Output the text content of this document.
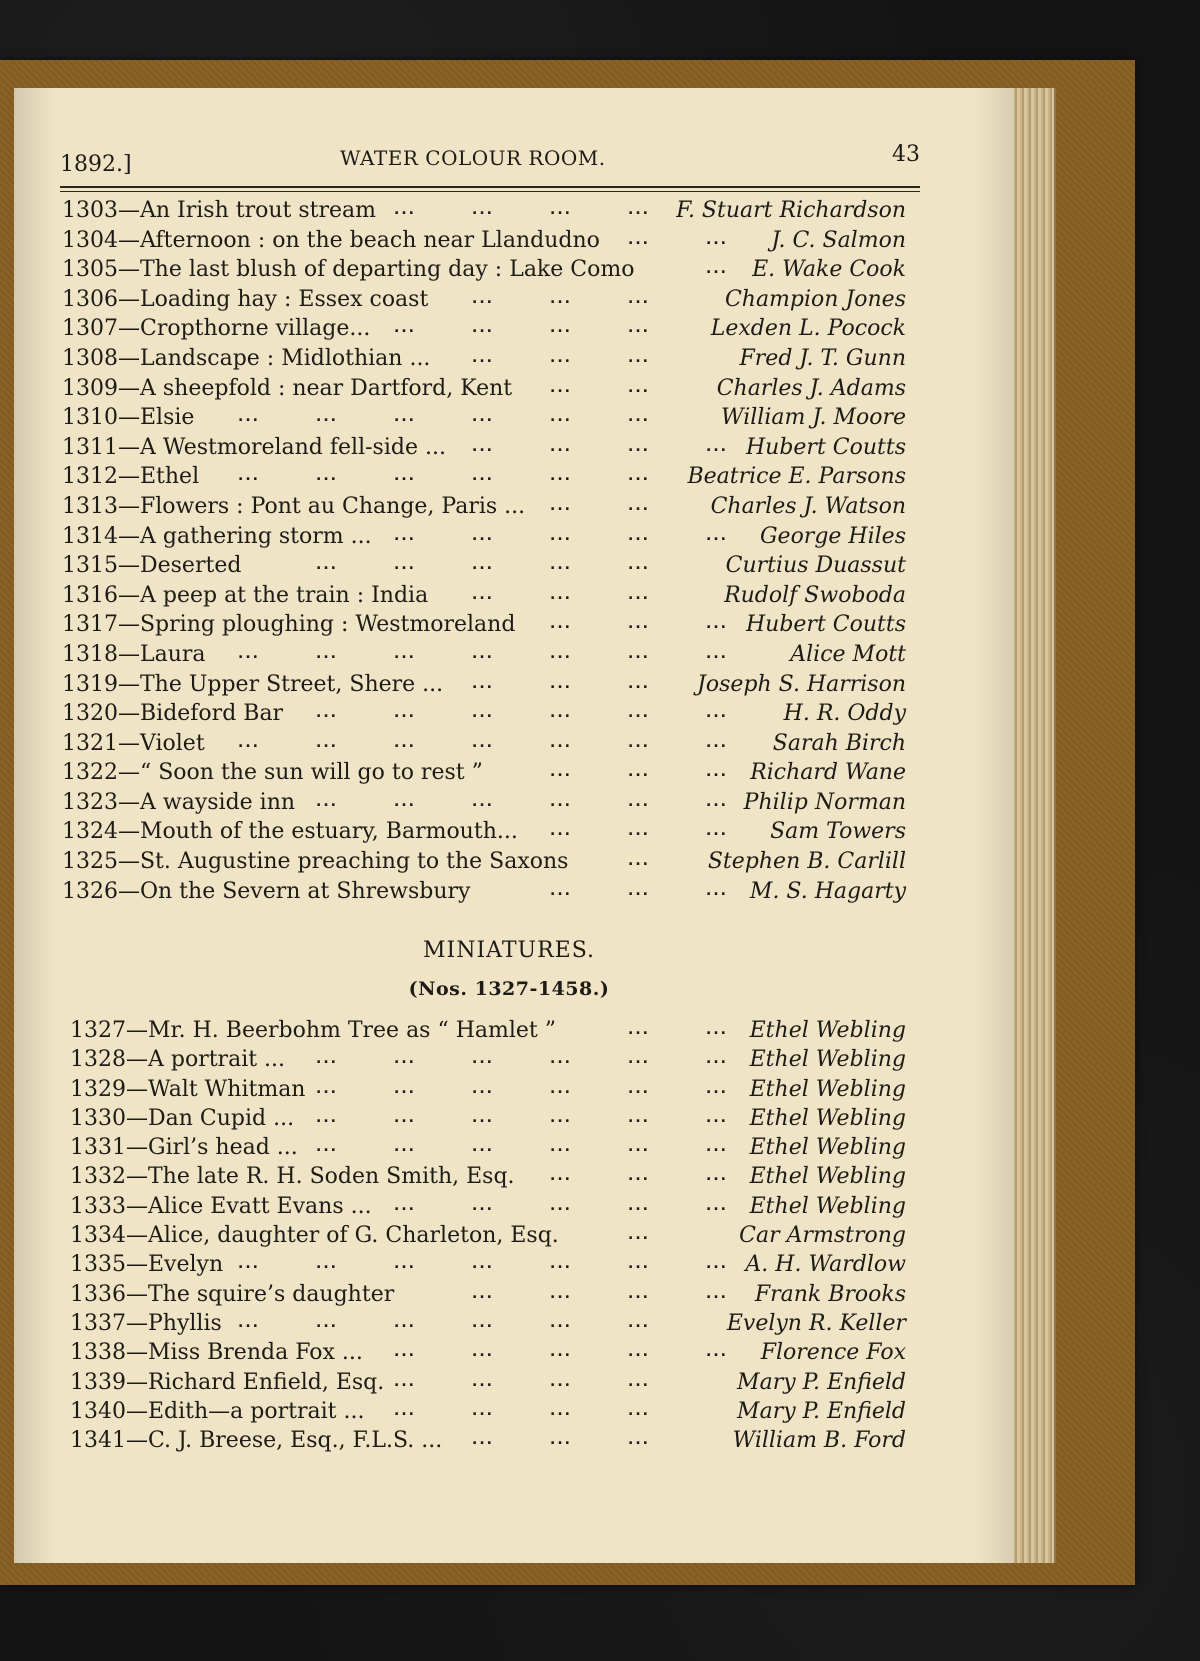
1892.]	WATER COLOUR ROOM.	43
1303—An Irish trout stream ...	...	...	... F. Stuart Richardson
1304—Afternoon : on the beach near Llandudno ...	... J. C. Salmon
1305—The last blush of departing day : Lake Como	... E. Wake Cook
1306—Loading hay : Essex coast	...	...	...	Champion Jones
1307—Cropthorne village... ...	...	...	...	Lexden L. Pocock
1308—Landscape : Midlothian ...	...	...	...	Fred J. T. Gunn
1309—A sheepfold : near Dartford, Kent	...	...	Charles J. Adams
1310—Elsie	...	...	...	...	...	...	William J. Moore
1311—A Westmoreland fell-side ... ...	...	...	... Hubert Coutts
1312—Ethel	...	...	...	...	...	... Beatrice E. Parsons
1313—Flowers : Pont au Change, Paris ... ...	...	Charles J. Watson
1314—A gathering storm ... ...	...	...	...	... George Hiles
1315—Deserted	...	...	...	...	...	Curtius Duassut
1316—A peep at the train : India	...	...	...	Rudolf Swoboda
1317—Spring ploughing : Westmoreland ...	...	... Hubert Coutts
1318—Laura ...	...	...	...	...	...	...	Alice Mott
1319—The Upper Street, Shere ... ...	...	... Joseph S. Harrison
1320—Bideford Bar ...	...	...	...	...	...	H. R. Oddy
1321—Violet ...	...	...	...	...	...	... Sarah Birch
1322—“ Soon the sun will go to rest ”	...	...	... Richard Wane
1323—A wayside inn ...	...	...	...	...	... Philip Norman
1324—Mouth of the estuary, Barmouth... ...	...	... Sam Towers
1325—St. Augustine preaching to the Saxons	...	Stephen B. Carlill
1326—On the Severn at Shrewsbury	...	...	... M. S. Hagarty
MINIATURES.
(Nos. 1327-1458.)
1327—Mr. H. Beerbohm Tree as “ Hamlet ”	...	... Ethel Webling
1328—A portrait ... ...	...	...	...	...	... Ethel Webling
1329—Walt Whitman ...	...	...	...	...	... Ethel Webling
1330—Dan Cupid ... ...	...	...	...	...	... Ethel Webling
1331—Girl’s head ... ...	...	...	...	...	... Ethel Webling
1332—The late R. H. Soden Smith, Esq.	...	...	... Ethel Webling
1333—Alice Evatt Evans ... ...	...	...	...	... Ethel Webling
1334—Alice, daughter of G. Charleton, Esq.	...	Car Armstrong
1335—Evelyn ...	...	...	...	...	...	... A. H. Wardlow
1336—The squire’s daughter	...	...	...	... Frank Brooks
1337—Phyllis ...	...	...	...	...	...	Evelyn R. Keller
1338—Miss Brenda Fox ... ...	...	...	...	... Florence Fox
1339—Richard Enfield, Esq. ...	...	...	...	Mary P. Enfield
1340—Edith—a portrait ... ...	...	...	...	Mary P. Enfield
1341—C. J. Breese, Esq., F.L.S. ... ...	...	...	William B. Ford
